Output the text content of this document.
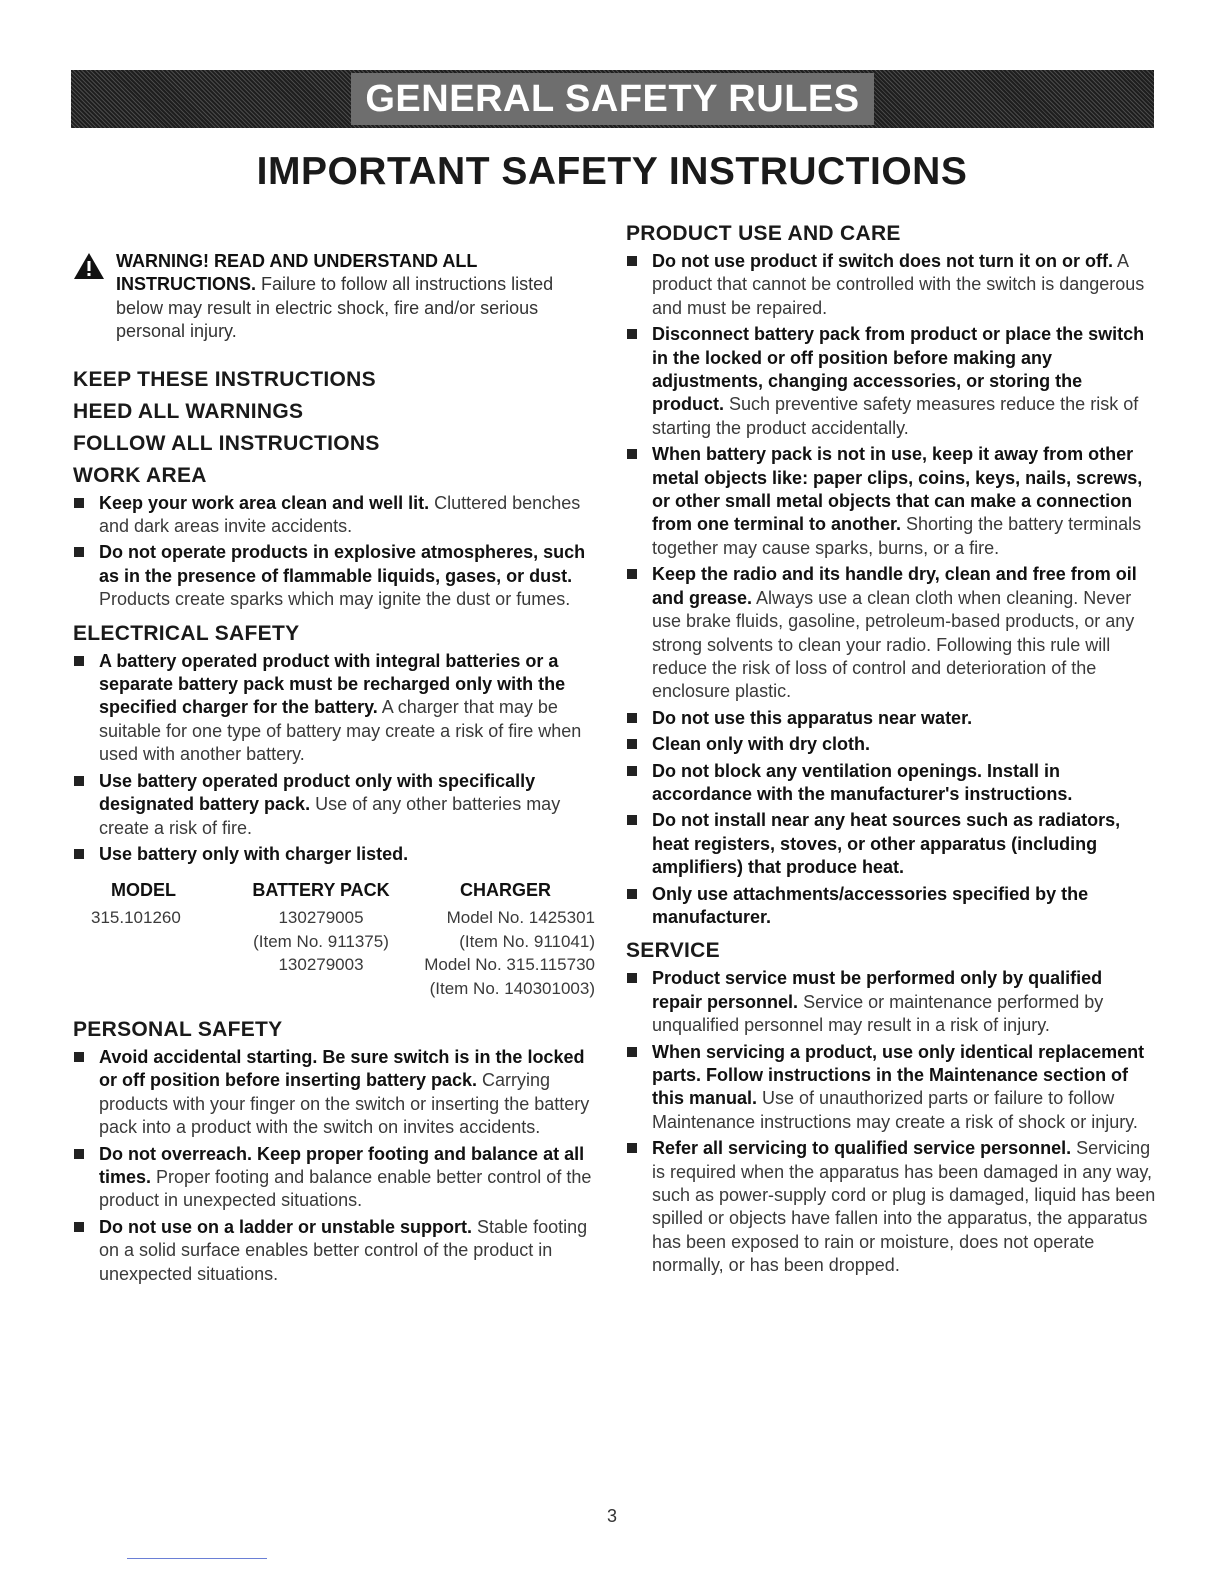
GENERAL SAFETY RULES
IMPORTANT SAFETY INSTRUCTIONS

WARNING! READ AND UNDERSTAND ALL INSTRUCTIONS. Failure to follow all instructions listed below may result in electric shock, fire and/or serious personal injury.

KEEP THESE INSTRUCTIONS
HEED ALL WARNINGS
FOLLOW ALL INSTRUCTIONS
WORK AREA
Keep your work area clean and well lit. Cluttered benches and dark areas invite accidents.
Do not operate products in explosive atmospheres, such as in the presence of flammable liquids, gases, or dust. Products create sparks which may ignite the dust or fumes.
ELECTRICAL SAFETY
A battery operated product with integral batteries or a separate battery pack must be recharged only with the specified charger for the battery. A charger that may be suitable for one type of battery may create a risk of fire when used with another battery.
Use battery operated product only with specifically designated battery pack. Use of any other batteries may create a risk of fire.
Use battery only with charger listed.
MODEL	BATTERY PACK	CHARGER
315.101260	130279005	Model No. 1425301
	(Item No. 911375)	(Item No. 911041)
	130279003	Model No. 315.115730
		(Item No. 140301003)
PERSONAL SAFETY
Avoid accidental starting. Be sure switch is in the locked or off position before inserting battery pack. Carrying products with your finger on the switch or inserting the battery pack into a product with the switch on invites accidents.
Do not overreach. Keep proper footing and balance at all times. Proper footing and balance enable better control of the product in unexpected situations.
Do not use on a ladder or unstable support. Stable footing on a solid surface enables better control of the product in unexpected situations.
PRODUCT USE AND CARE
Do not use product if switch does not turn it on or off. A product that cannot be controlled with the switch is dangerous and must be repaired.
Disconnect battery pack from product or place the switch in the locked or off position before making any adjustments, changing accessories, or storing the product. Such preventive safety measures reduce the risk of starting the product accidentally.
When battery pack is not in use, keep it away from other metal objects like: paper clips, coins, keys, nails, screws, or other small metal objects that can make a connection from one terminal to another. Shorting the battery terminals together may cause sparks, burns, or a fire.
Keep the radio and its handle dry, clean and free from oil and grease. Always use a clean cloth when cleaning. Never use brake fluids, gasoline, petroleum-based products, or any strong solvents to clean your radio. Following this rule will reduce the risk of loss of control and deterioration of the enclosure plastic.
Do not use this apparatus near water.
Clean only with dry cloth.
Do not block any ventilation openings. Install in accordance with the manufacturer's instructions.
Do not install near any heat sources such as radiators, heat registers, stoves, or other apparatus (including amplifiers) that produce heat.
Only use attachments/accessories specified by the manufacturer.
SERVICE
Product service must be performed only by qualified repair personnel. Service or maintenance performed by unqualified personnel may result in a risk of injury.
When servicing a product, use only identical replacement parts. Follow instructions in the Maintenance section of this manual. Use of unauthorized parts or failure to follow Maintenance instructions may create a risk of shock or injury.
Refer all servicing to qualified service personnel. Servicing is required when the apparatus has been damaged in any way, such as power-supply cord or plug is damaged, liquid has been spilled or objects have fallen into the apparatus, the apparatus has been exposed to rain or moisture, does not operate normally, or has been dropped.
3
